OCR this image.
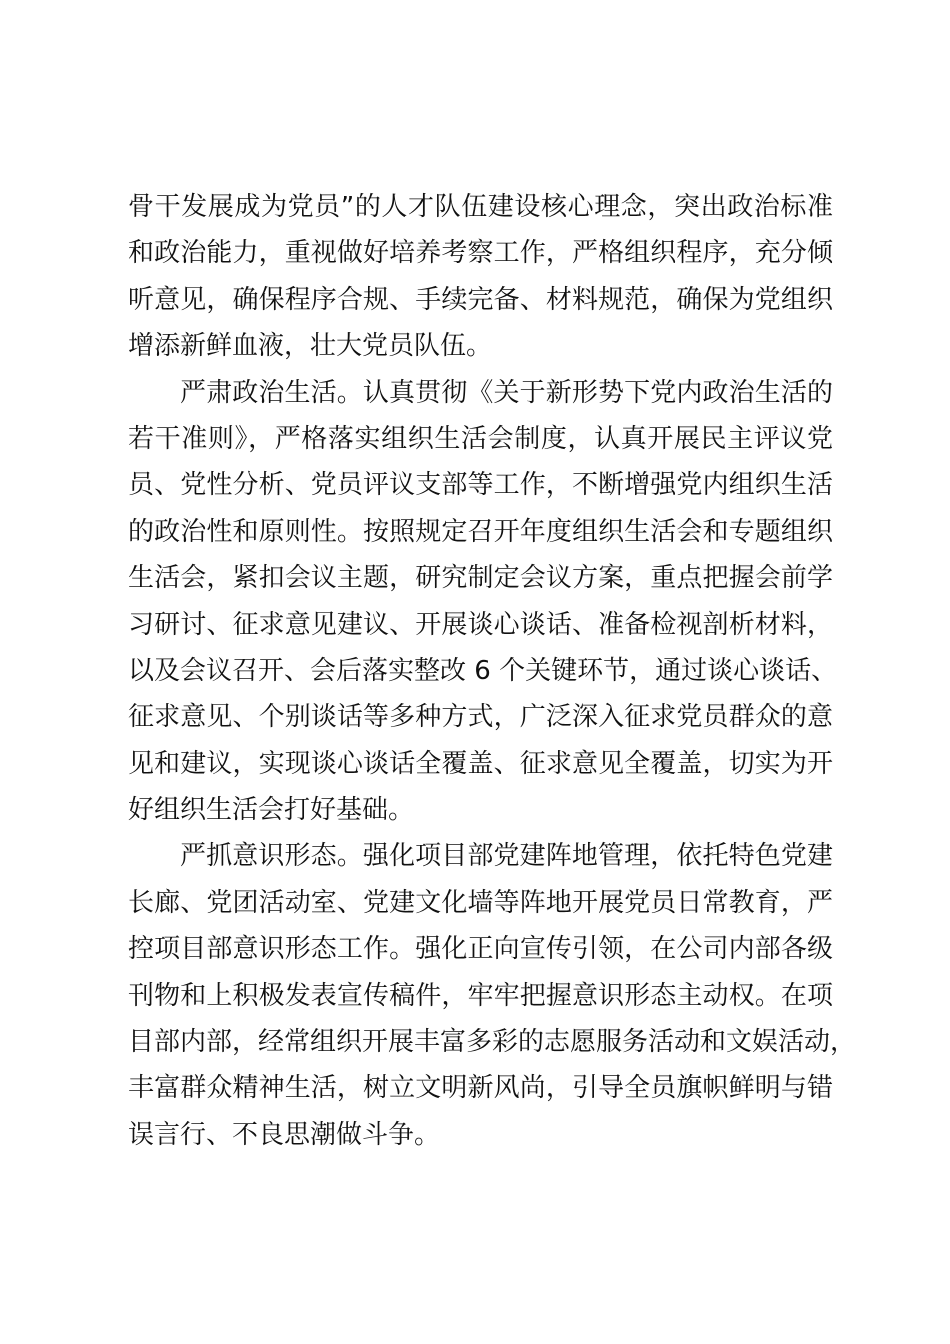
骨干发展成为党员”的人才队伍建设核心理念，突出政治标准
和政治能力，重视做好培养考察工作，严格组织程序，充分倾
听意见，确保程序合规、手续完备、材料规范，确保为党组织
增添新鲜血液，壮大党员队伍。
严肃政治生活。认真贯彻《关于新形势下党内政治生活的
若干准则》，严格落实组织生活会制度，认真开展民主评议党
员、党性分析、党员评议支部等工作，不断增强党内组织生活
的政治性和原则性。按照规定召开年度组织生活会和专题组织
生活会，紧扣会议主题，研究制定会议方案，重点把握会前学
习研讨、征求意见建议、开展谈心谈话、准备检视剖析材料，
以及会议召开、会后落实整改 6 个关键环节，通过谈心谈话、
征求意见、个别谈话等多种方式，广泛深入征求党员群众的意
见和建议，实现谈心谈话全覆盖、征求意见全覆盖，切实为开
好组织生活会打好基础。
严抓意识形态。强化项目部党建阵地管理，依托特色党建
长廊、党团活动室、党建文化墙等阵地开展党员日常教育，严
控项目部意识形态工作。强化正向宣传引领，在公司内部各级
刊物和上积极发表宣传稿件，牢牢把握意识形态主动权。在项
目部内部，经常组织开展丰富多彩的志愿服务活动和文娱活动，
丰富群众精神生活，树立文明新风尚，引导全员旗帜鲜明与错
误言行、不良思潮做斗争。
